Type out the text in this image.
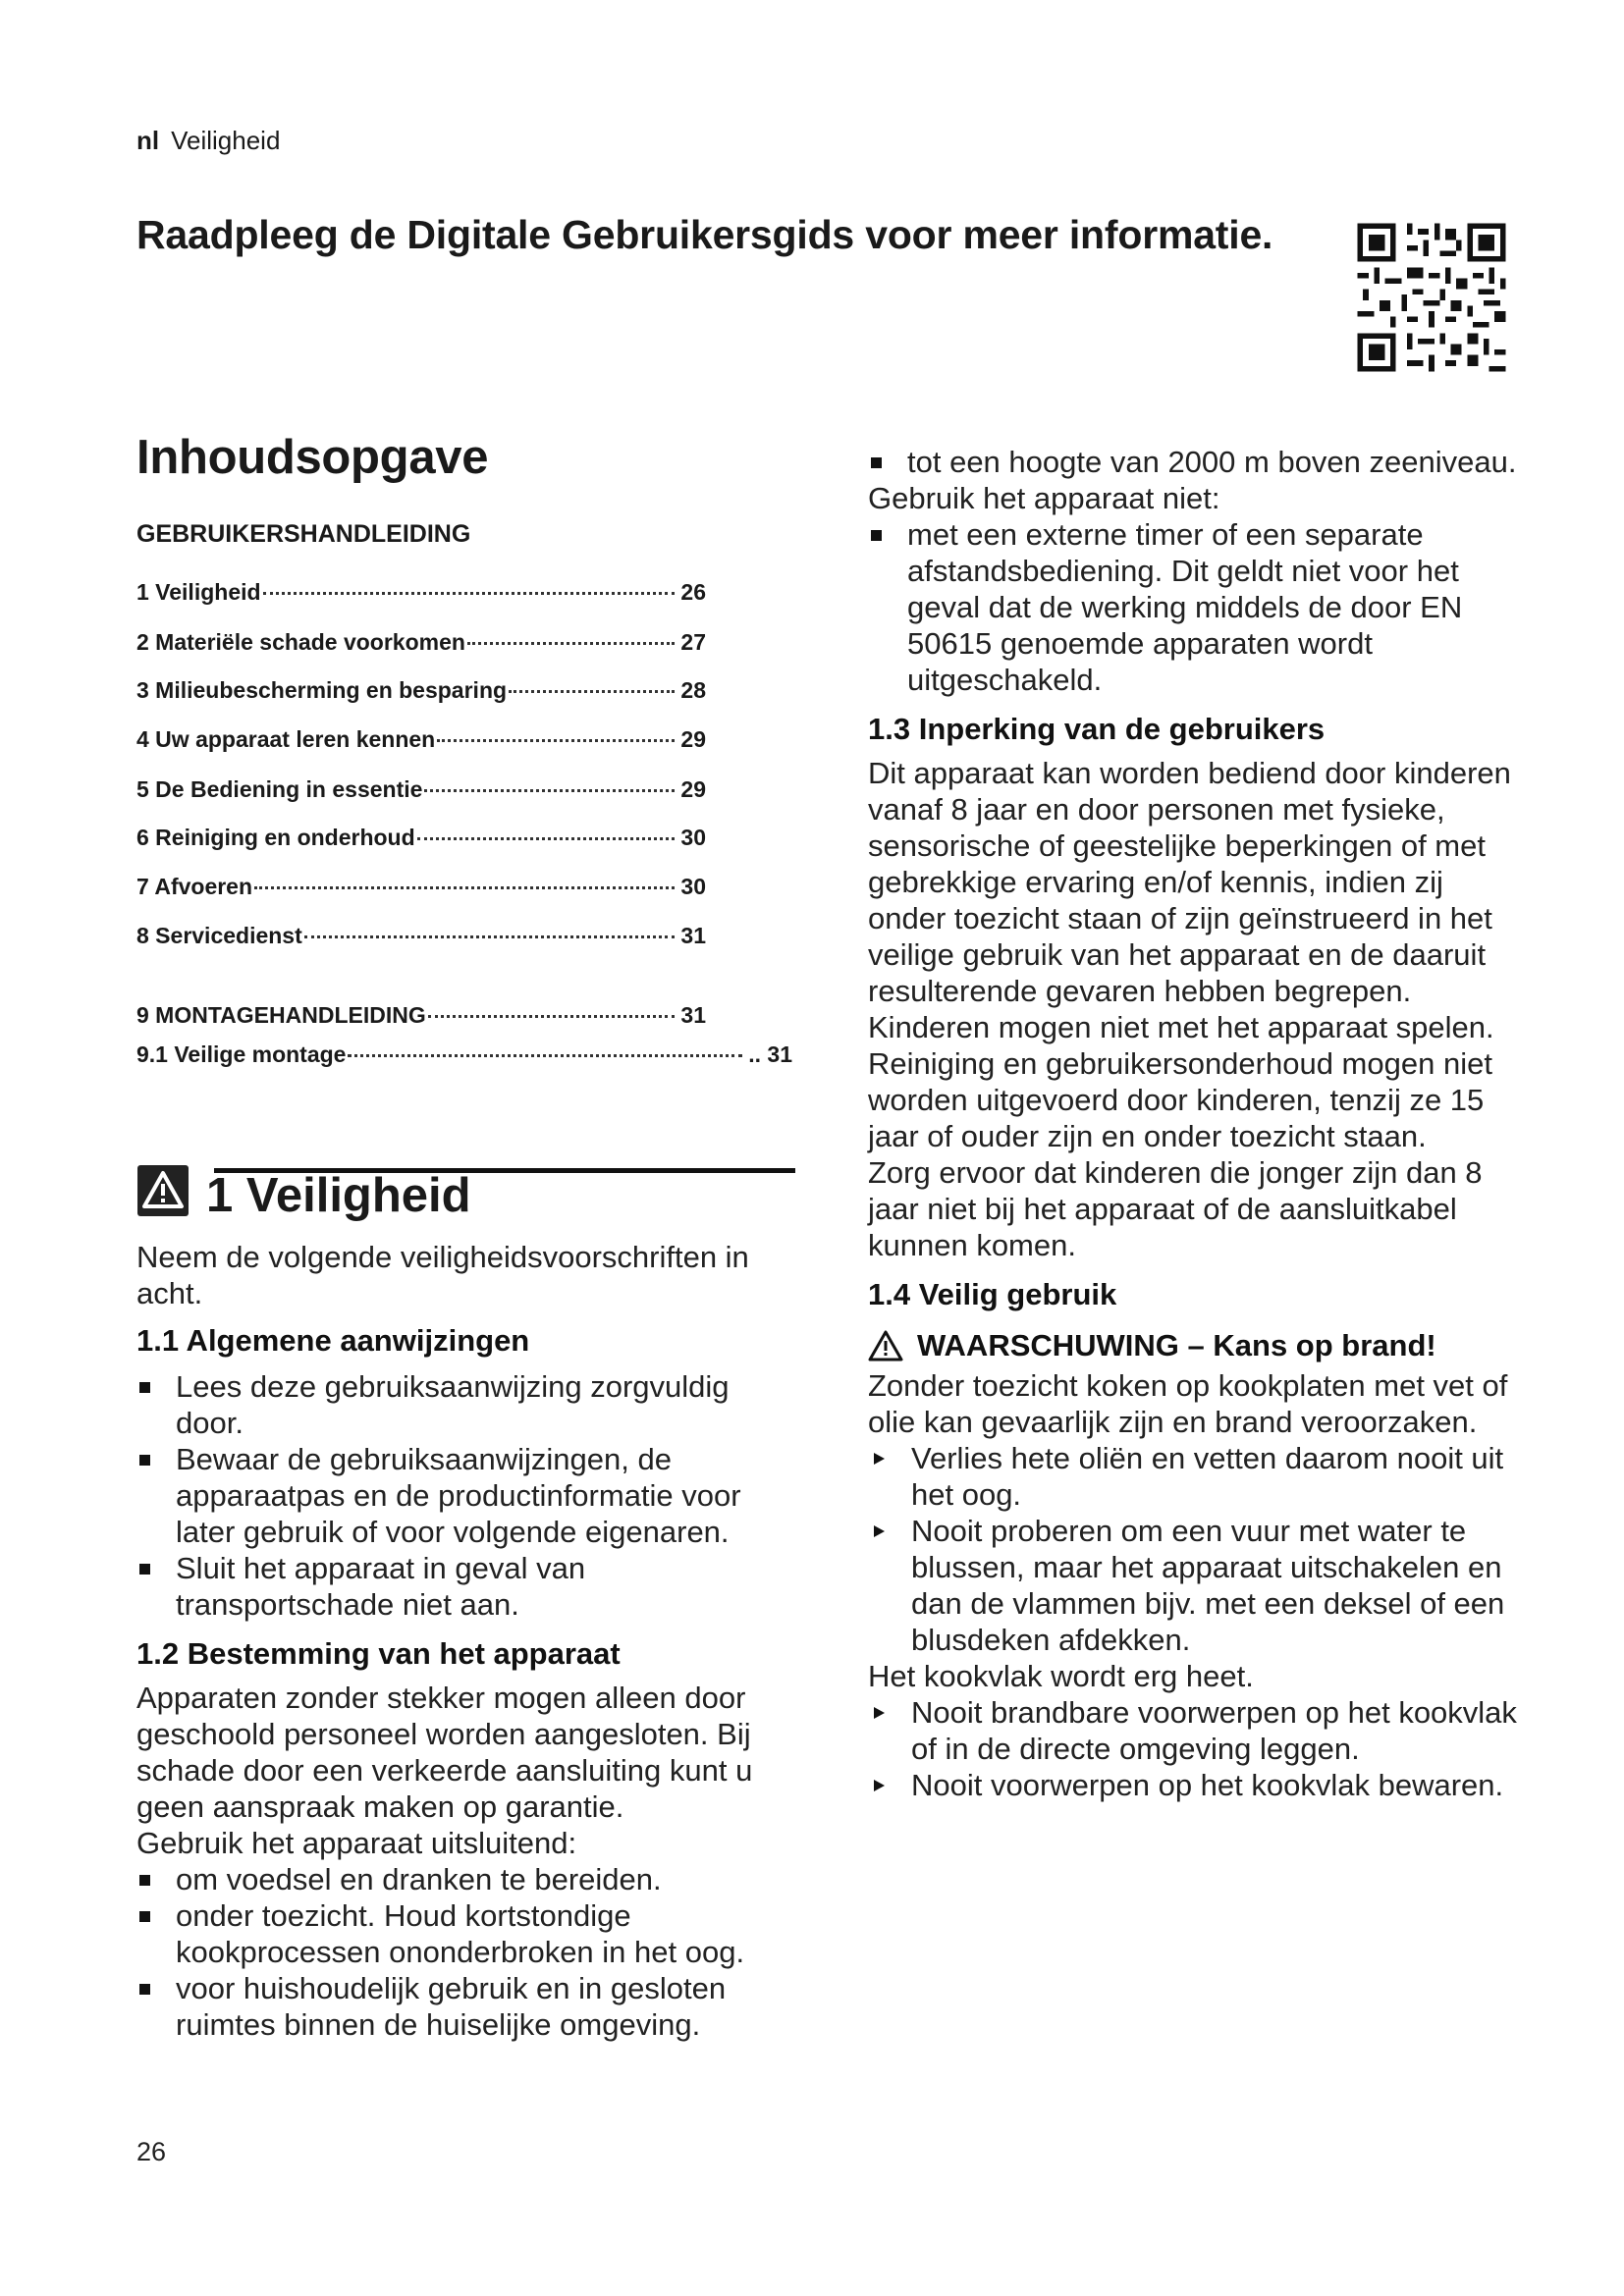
nl Veiligheid
Raadpleeg de Digitale Gebruikersgids voor meer informatie.
Inhoudsopgave
GEBRUIKERSHANDLEIDING
1 Veiligheid	26
2 Materiële schade voorkomen	27
3 Milieubescherming en besparing	28
4 Uw apparaat leren kennen	29
5 De Bediening in essentie	29
6 Reiniging en onderhoud	30
7 Afvoeren	30
8 Servicedienst	31
9 MONTAGEHANDLEIDING	31
9.1 Veilige montage	.. 31
1 Veiligheid
Neem de volgende veiligheidsvoorschriften in acht.
1.1 Algemene aanwijzingen
Lees deze gebruiksaanwijzing zorgvuldig door.
Bewaar de gebruiksaanwijzingen, de apparaatpas en de productinformatie voor later gebruik of voor volgende eigenaren.
Sluit het apparaat in geval van transportschade niet aan.
1.2 Bestemming van het apparaat
Apparaten zonder stekker mogen alleen door geschoold personeel worden aangesloten. Bij schade door een verkeerde aansluiting kunt u geen aanspraak maken op garantie.
Gebruik het apparaat uitsluitend:
om voedsel en dranken te bereiden.
onder toezicht. Houd kortstondige kookprocessen ononderbroken in het oog.
voor huishoudelijk gebruik en in gesloten ruimtes binnen de huiselijke omgeving.
tot een hoogte van 2000 m boven zeeniveau.
Gebruik het apparaat niet:
met een externe timer of een separate afstandsbediening. Dit geldt niet voor het geval dat de werking middels de door EN 50615 genoemde apparaten wordt uitgeschakeld.
1.3 Inperking van de gebruikers
Dit apparaat kan worden bediend door kinderen vanaf 8 jaar en door personen met fysieke, sensorische of geestelijke beperkingen of met gebrekkige ervaring en/of kennis, indien zij onder toezicht staan of zijn geïnstrueerd in het veilige gebruik van het apparaat en de daaruit resulterende gevaren hebben begrepen.
Kinderen mogen niet met het apparaat spelen.
Reiniging en gebruikersonderhoud mogen niet worden uitgevoerd door kinderen, tenzij ze 15 jaar of ouder zijn en onder toezicht staan.
Zorg ervoor dat kinderen die jonger zijn dan 8 jaar niet bij het apparaat of de aansluitkabel kunnen komen.
1.4 Veilig gebruik
WAARSCHUWING – Kans op brand!
Zonder toezicht koken op kookplaten met vet of olie kan gevaarlijk zijn en brand veroorzaken.
Verlies hete oliën en vetten daarom nooit uit het oog.
Nooit proberen om een vuur met water te blussen, maar het apparaat uitschakelen en dan de vlammen bijv. met een deksel of een blusdeken afdekken.
Het kookvlak wordt erg heet.
Nooit brandbare voorwerpen op het kookvlak of in de directe omgeving leggen.
Nooit voorwerpen op het kookvlak bewaren.
26
